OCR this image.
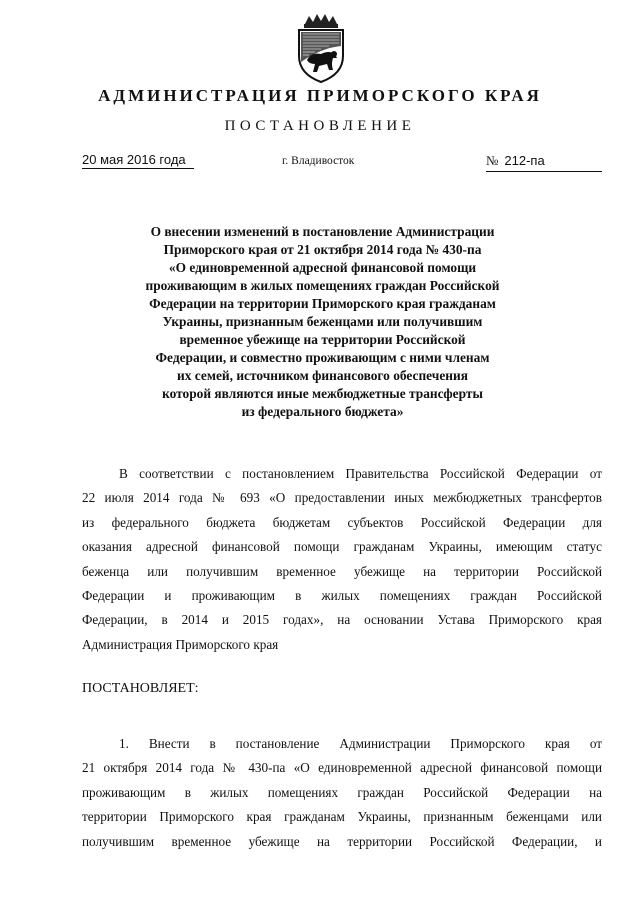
АДМИНИСТРАЦИЯ ПРИМОРСКОГО КРАЯ
ПОСТАНОВЛЕНИЕ
20 мая 2016 года	г. Владивосток	№ 212-па
О внесении изменений в постановление Администрации
Приморского края от 21 октября 2014 года № 430-па
«О единовременной адресной финансовой помощи
проживающим в жилых помещениях граждан Российской
Федерации на территории Приморского края гражданам
Украины, признанным беженцами или получившим
временное убежище на территории Российской
Федерации, и совместно проживающим с ними членам
их семей, источником финансового обеспечения
которой являются иные межбюджетные трансферты
из федерального бюджета»
В соответствии с постановлением Правительства Российской Федерации от
22 июля 2014 года № 693 «О предоставлении иных межбюджетных трансфертов
из федерального бюджета бюджетам субъектов Российской Федерации для
оказания адресной финансовой помощи гражданам Украины, имеющим статус
беженца или получившим временное убежище на территории Российской
Федерации и проживающим в жилых помещениях граждан Российской
Федерации, в 2014 и 2015 годах», на основании Устава Приморского края
Администрация Приморского края
ПОСТАНОВЛЯЕТ:
1. Внести в постановление Администрации Приморского края от
21 октября 2014 года № 430-па «О единовременной адресной финансовой помощи
проживающим в жилых помещениях граждан Российской Федерации на
территории Приморского края гражданам Украины, признанным беженцами или
получившим временное убежище на территории Российской Федерации, и
